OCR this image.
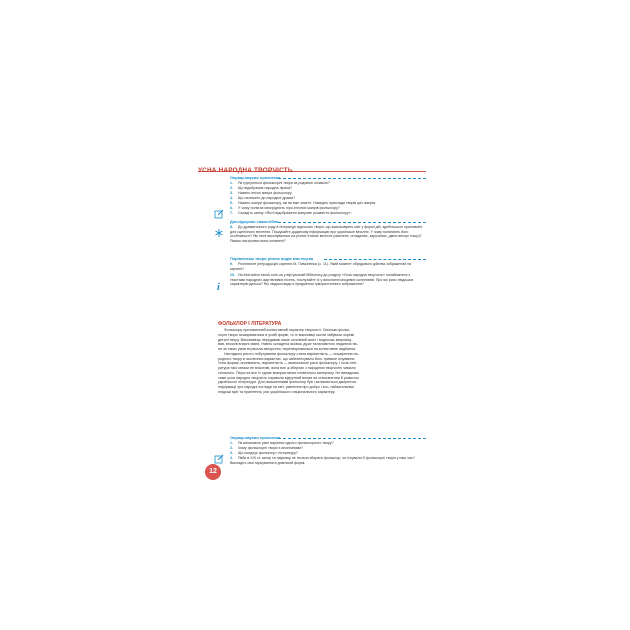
УСНА НАРОДНА ТВОРЧІСТЬ
Опрацьовуємо прочитане
1. Як групуються фольклорні твори за родовою ознакою?
2. Що відображає народна лірика?
3. Назвіть епічні жанри фольклору.
4. Що належить до народної драми?
5. Назвіть жанри фольклору, які ви вже знаєте. Наведіть приклади творів цих жанрів.
6. У чому полягає своєрідність ліро-епічних жанрів фольклору?
7. Складіть схему «Які й відображено жанрове розмаїття фольклору».
Досліджуємо самостійно
8. До драматичного роду в літературі відносять твори, що змальовують світ у формі дій, здебільшого призначені для сценічного втілення. Пошукайте додаткову інформацію про українське весілля. У чому полягають його особливості? Які пісні виконувалися на різних етапах весілля (сватанні, оглядинах, заручинах, дівич-вечорі тощо)? Якими настроями вони сповнені?
Порівнюємо твори різних видів мистецтва
9. Розгляньте репродукцію картини М. Пимоненка (с. 11). Який момент обрядового дійства зображений на картині?
10. На interactive.ranok.com.ua у віртуальній бібліотеці до розділу «Усна народна творчість» ознайомтеся з текстами народних жартівливих пісень, послухайте їх у виконанні місцевих колективів. Про які риси людських характерів ідеться? Які людські вади є предметом гумористичного зображення?
i
ФОЛЬКЛОР І ЛІТЕРАТУРА
Фольклору притаманний колективний характер творчості. Оскільки фольк-
лорні твори поширювалися в усній формі, то їх виконавці могли забувати окремі
деталі твору. Виконавець передавав лише основний зміст і водночас імпровізу-
вав, вносив власні зміни. Навіть складена якоюсь дуже талановитою людиною піс-
ня за таких умов втрачала авторство, перетворювалася на колективне надбання.
Наслідком усного побутування фольклору стала варіантність — поширення на-
родного твору в численних варіантах, що забезпечувало його тривале існування.
Усна форма, анонімність, варіантність — визначальні риси фольклору. І хоча літе-
ратура такі ознаки не властиві, вона все ж зберігає з народною творчістю чимало
спільного. Перш за все їх єднає використання словесного матеріалу. Не випадково
саме усна народна творчість справила відчутний вплив на становлення й розвиток
української літератури. Для письменників фольклор був і залишається джерелом
інформації про народні погляди на світ, уявлення про добро і зло, найзагальніші
людські мрії та прагнення, рис українського національного характеру.
Опрацьовуємо прочитане
1. Як виникають різні варіанти одного фольклорного твору?
2. Чому фольклорні твори є анонімними?
3. Що поєднує фольклор і літературу?
4. Якби в ХІХ ст. митці та науковці не почали збирати фольклор, чи існували б фольклорні твори у наш час? Викладіть свої міркування в довільній формі.
12
